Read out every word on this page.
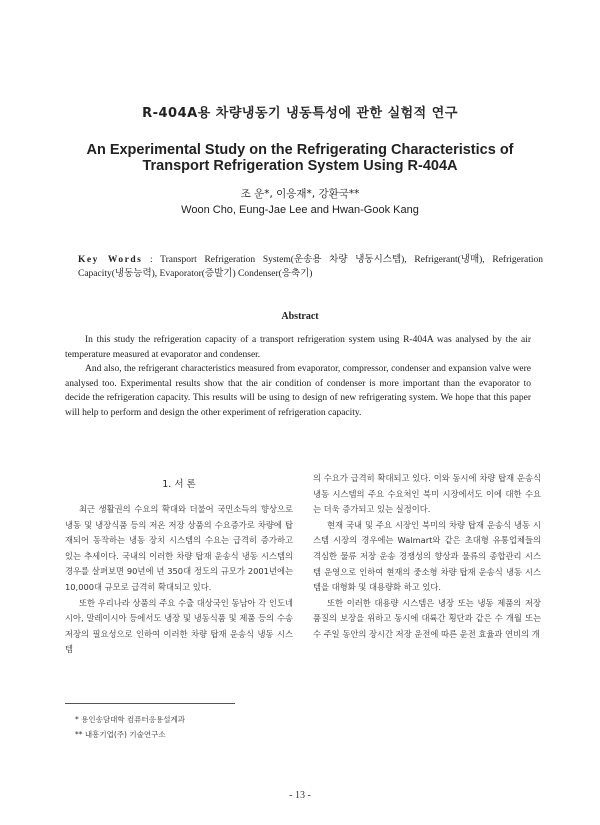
R-404A용 차량냉동기 냉동특성에 관한 실험적 연구
An Experimental Study on the Refrigerating Characteristics of
Transport Refrigeration System Using R-404A
조 운*, 이응재*, 강환국**
Woon Cho, Eung-Jae Lee and Hwan-Gook Kang
Key Words : Transport Refrigeration System(운송용 차량 냉동시스템), Refrigerant(냉매), Refrigeration Capacity(냉동능력), Evaporator(증발기) Condenser(응축기)
Abstract

In this study the refrigeration capacity of a transport refrigeration system using R-404A was analysed by the air temperature measured at evaporator and condenser.

And also, the refrigerant characteristics measured from evaporator, compressor, condenser and expansion valve were analysed too. Experimental results show that the air condition of condenser is more important than the evaporator to decide the refrigeration capacity. This results will be using to design of new refrigerating system. We hope that this paper will help to perform and design the other experiment of refrigeration capacity.

1. 서 론

최근 생활권의 수요의 확대와 더불어 국민소득의 향상으로 냉동 및 냉장식품 등의 저온 저장 상품의 수요증가로 차량에 탑재되어 동작하는 냉동 장치 시스템의 수요는 급격히 증가하고 있는 추세이다. 국내의 이러한 차량 탑재 운송식 냉동 시스템의 경우를 살펴보면 90년에 년 350대 정도의 규모가 2001년에는 10,000대 규모로 급격히 확대되고 있다.

또한 우리나라 상품의 주요 수출 대상국인 동남아 각 인도네시아, 말레이시아 등에서도 냉장 및 냉동식품 및 제품 등의 수송 저장의 필요성으로 인하여 이러한 차량 탑재 운송식 냉동 시스템

의 수요가 급격히 확대되고 있다. 이와 동시에 차량 탑재 운송식 냉동 시스템의 주요 수요처인 북미 시장에서도 이에 대한 수요는 더욱 증가되고 있는 실정이다.

현재 국내 및 주요 시장인 북미의 차량 탑재 운송식 냉동 시스템 시장의 경우에는 Walmart와 같은 초대형 유통업체들의 격심한 물류 저장 운송 경쟁성의 향상과 물류의 종합관리 시스템 운영으로 인하여 현재의 중소형 차량 탑재 운송식 냉동 시스템을 대형화 및 대용량화 하고 있다.

또한 이러한 대용량 시스템은 냉장 또는 냉동 제품의 저장 품질의 보장을 위하고 동시에 대륙간 횡단과 같은 수 개월 또는 수 주일 동안의 장시간 저장 운전에 따른 운전 효율과 연비의 개

* 용인송담대학 컴퓨터응용설계과
** 내흥기업(주) 기술연구소
- 13 -
